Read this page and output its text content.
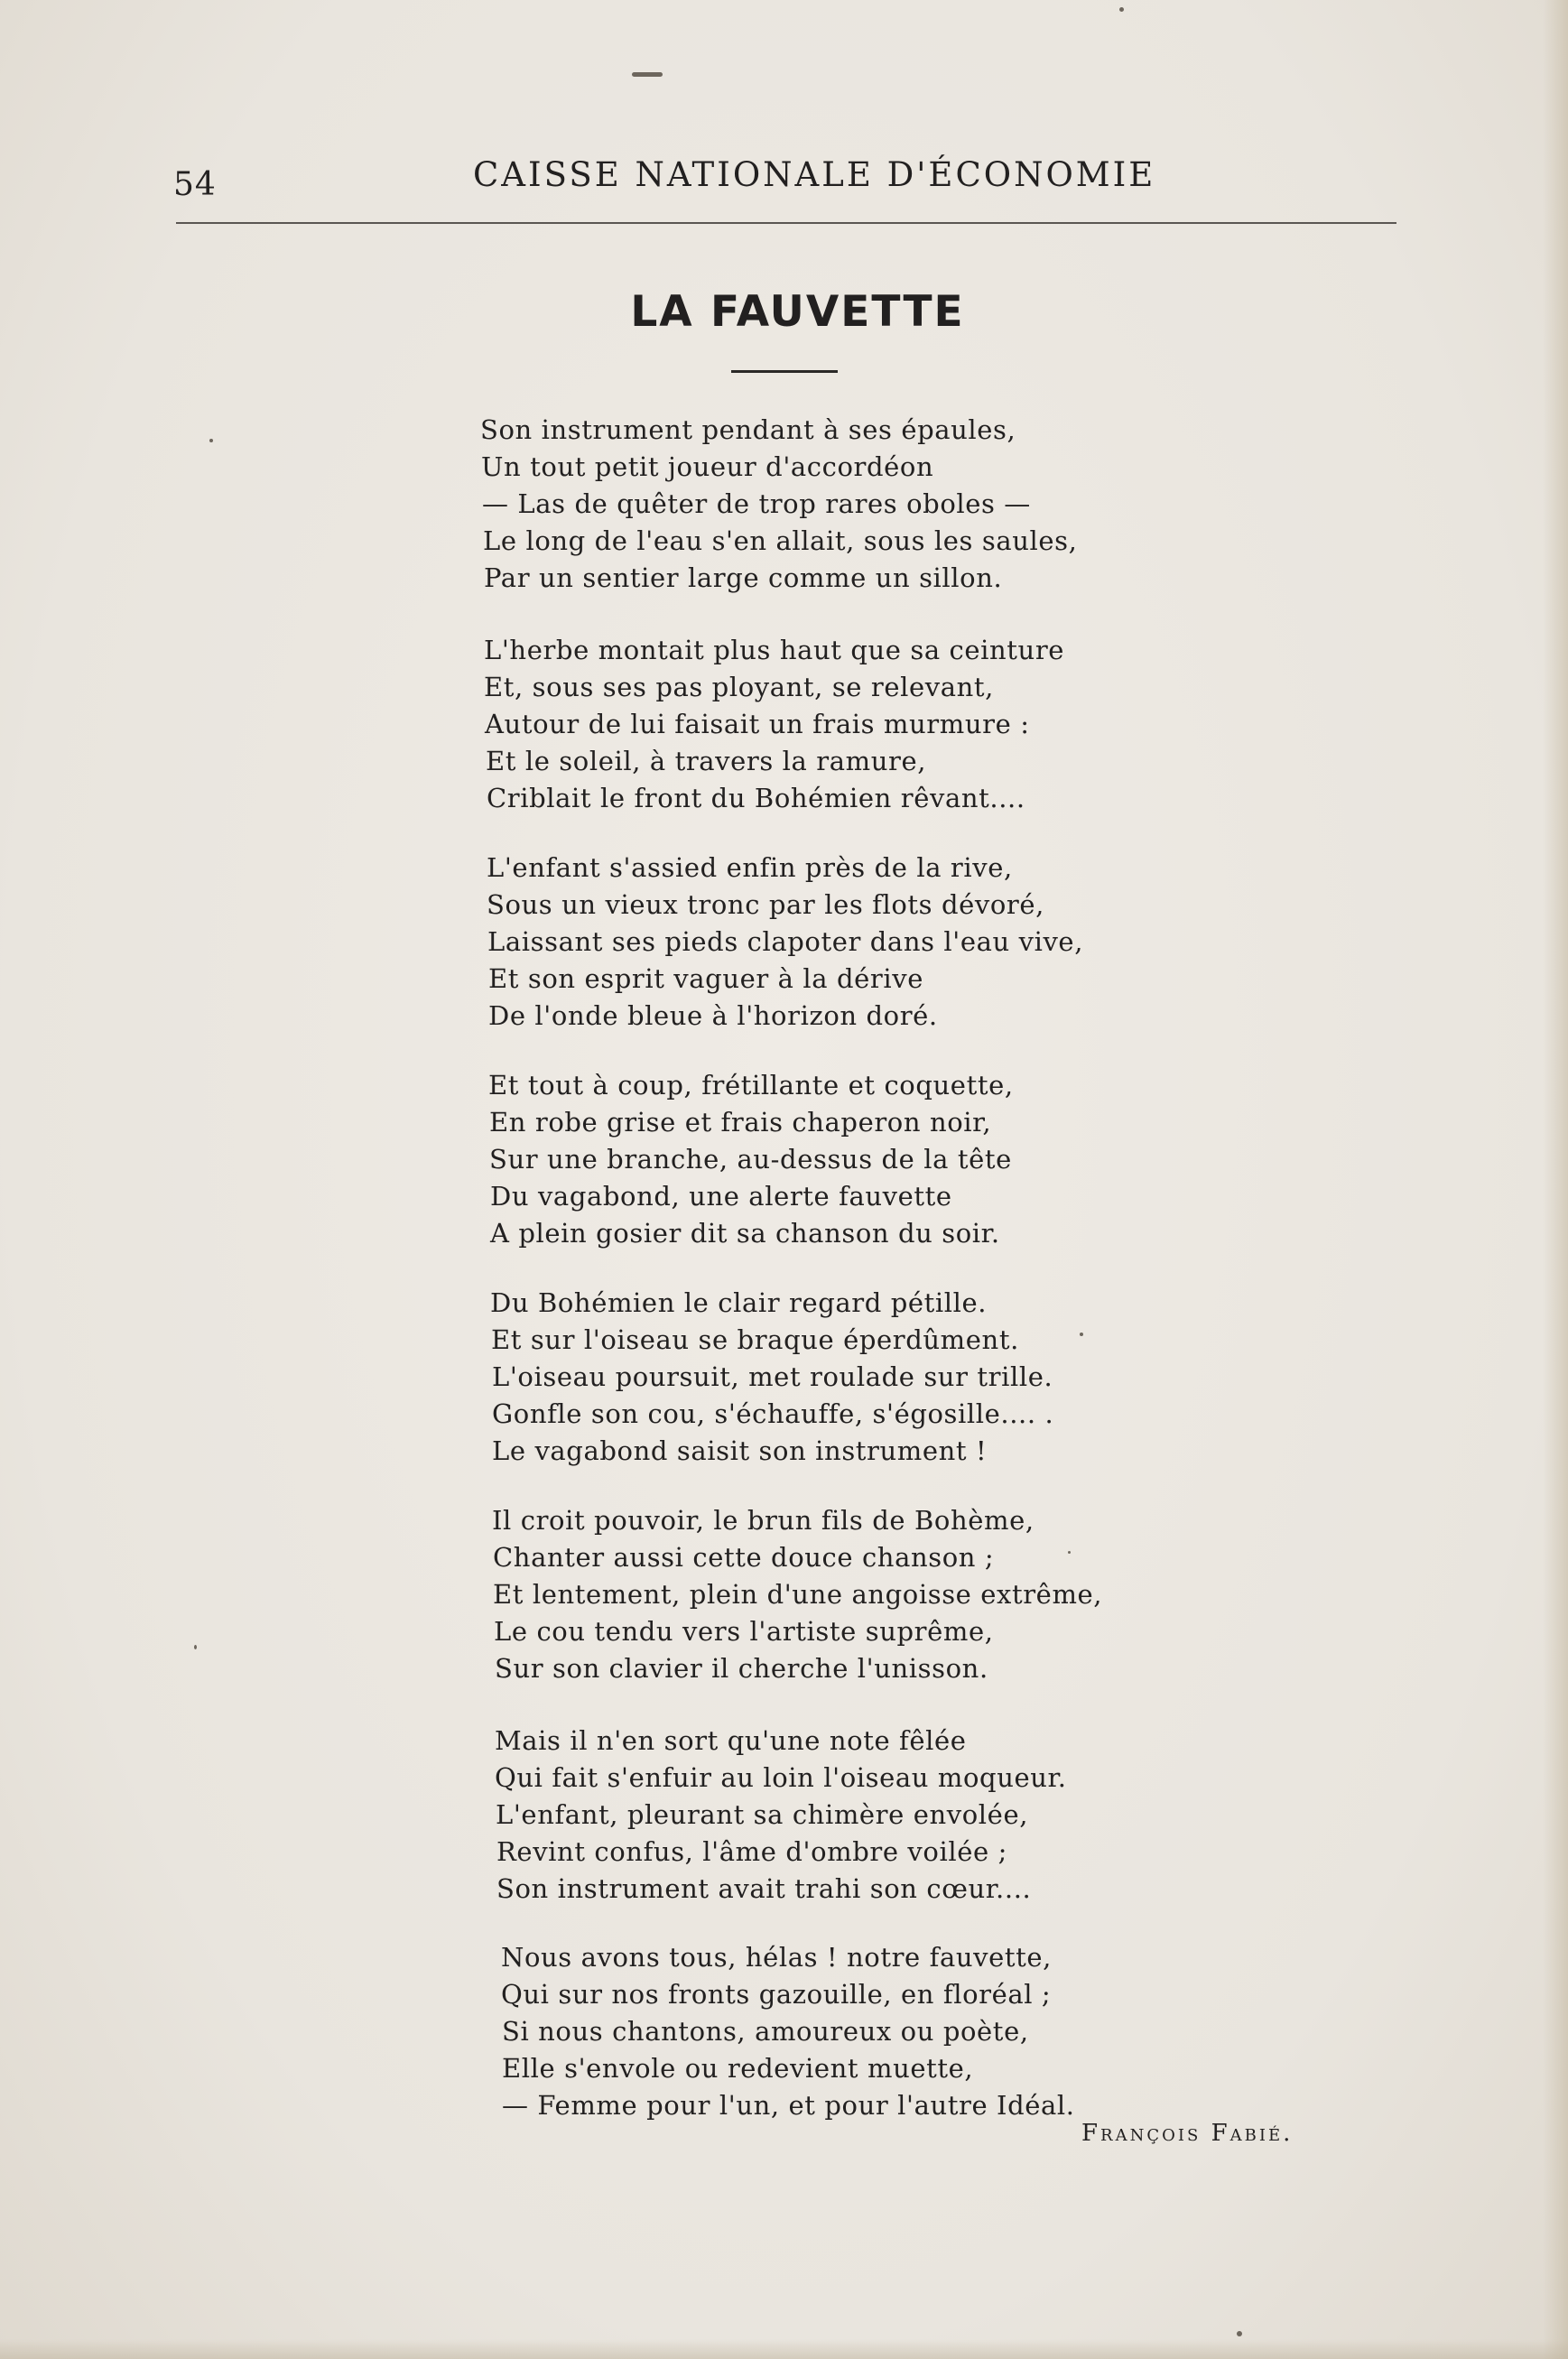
54	CAISSE NATIONALE D'ÉCONOMIE
LA FAUVETTE
Son instrument pendant à ses épaules,
Un tout petit joueur d'accordéon
— Las de quêter de trop rares oboles —
Le long de l'eau s'en allait, sous les saules,
Par un sentier large comme un sillon.
L'herbe montait plus haut que sa ceinture
Et, sous ses pas ployant, se relevant,
Autour de lui faisait un frais murmure :
Et le soleil, à travers la ramure,
Criblait le front du Bohémien rêvant....
L'enfant s'assied enfin près de la rive,
Sous un vieux tronc par les flots dévoré,
Laissant ses pieds clapoter dans l'eau vive,
Et son esprit vaguer à la dérive
De l'onde bleue à l'horizon doré.
Et tout à coup, frétillante et coquette,
En robe grise et frais chaperon noir,
Sur une branche, au-dessus de la tête
Du vagabond, une alerte fauvette
A plein gosier dit sa chanson du soir.
Du Bohémien le clair regard pétille.
Et sur l'oiseau se braque éperdûment.
L'oiseau poursuit, met roulade sur trille.
Gonfle son cou, s'échauffe, s'égosille.... .
Le vagabond saisit son instrument !
Il croit pouvoir, le brun fils de Bohème,
Chanter aussi cette douce chanson ;
Et lentement, plein d'une angoisse extrême,
Le cou tendu vers l'artiste suprême,
Sur son clavier il cherche l'unisson.
Mais il n'en sort qu'une note fêlée
Qui fait s'enfuir au loin l'oiseau moqueur.
L'enfant, pleurant sa chimère envolée,
Revint confus, l'âme d'ombre voilée ;
Son instrument avait trahi son cœur....
Nous avons tous, hélas ! notre fauvette,
Qui sur nos fronts gazouille, en floréal ;
Si nous chantons, amoureux ou poète,
Elle s'envole ou redevient muette,
— Femme pour l'un, et pour l'autre Idéal.
François Fabié.
